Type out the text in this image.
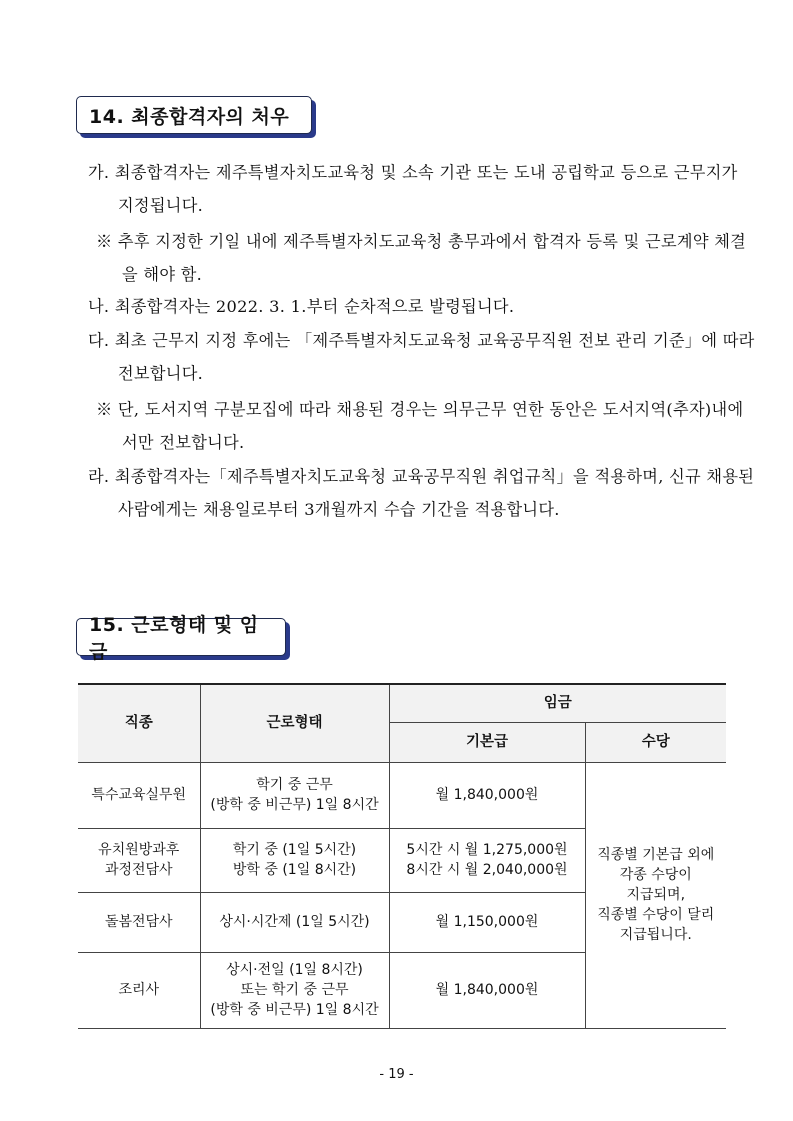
14. 최종합격자의 처우

가. 최종합격자는 제주특별자치도교육청 및 소속 기관 또는 도내 공립학교 등으로 근무지가 지정됩니다.

※ 추후 지정한 기일 내에 제주특별자치도교육청 총무과에서 합격자 등록 및 근로계약 체결을 해야 함.

나. 최종합격자는 2022. 3. 1.부터 순차적으로 발령됩니다.

다. 최초 근무지 지정 후에는 「제주특별자치도교육청 교육공무직원 전보 관리 기준」에 따라 전보합니다.

※ 단, 도서지역 구분모집에 따라 채용된 경우는 의무근무 연한 동안은 도서지역(추자)내에서만 전보합니다.

라. 최종합격자는「제주특별자치도교육청 교육공무직원 취업규칙」을 적용하며, 신규 채용된 사람에게는 채용일로부터 3개월까지 수습 기간을 적용합니다.

15. 근로형태 및 임금
직종	근로형태	임금	
		기본급	수당

특수교육실무원	학기 중 근무
(방학 중 비근무) 1일 8시간	월 1,840,000원	직종별 기본급 외에
각종 수당이
지급되며,
직종별 수당이 달리
지급됩니다.

유치원방과후
과정전담사	학기 중 (1일 5시간)
방학 중 (1일 8시간)	5시간 시 월 1,275,000원
8시간 시 월 2,040,000원	

돌봄전담사	상시·시간제 (1일 5시간)	월 1,150,000원	

조리사	상시·전일 (1일 8시간)
또는 학기 중 근무
(방학 중 비근무) 1일 8시간	월 1,840,000원	
- 19 -
